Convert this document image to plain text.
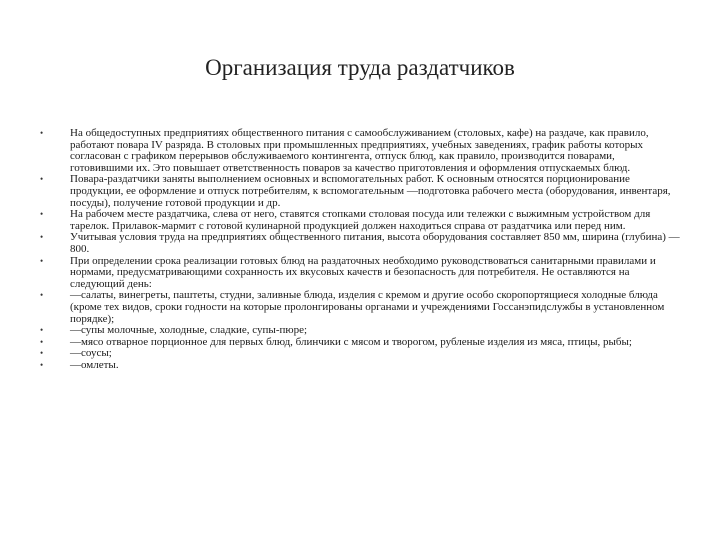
Организация труда раздатчиков
•	На общедоступных предприятиях общественного питания с самообслуживанием (столовых, кафе) на раздаче, как правило, работают повара IV разряда. В столовых при промышленных предприятиях, учебных заведениях, график работы которых согласован с графиком перерывов обслуживаемого контингента, отпуск блюд, как правило, производится поварами, готовившими их. Это повышает ответственность поваров за качество приготовления и оформления отпускаемых блюд.
•	Повара-раздатчики заняты выполнением основных и вспомогательных работ. К основным относятся порционирование продукции, ее оформление и отпуск потребителям, к вспомогательным —подготовка рабочего места (оборудования, инвентаря, посуды), получение готовой продукции и др.
•	На рабочем месте раздатчика, слева от него, ставятся стопками столовая посуда или тележки с выжимным устройством для тарелок. Прилавок-мармит с готовой кулинарной продукцией должен находиться справа от раздатчика или перед ним.
•	Учитывая условия труда на предприятиях общественного питания, высота оборудования составляет 850 мм, ширина (глубина) —800.
•	При определении срока реализации готовых блюд на раздаточных необходимо руководствоваться санитарными правилами и нормами, предусматривающими сохранность их вкусовых качеств и безопасность для потребителя. Не оставляются на следующий день:
•	—салаты, винегреты, паштеты, студни, заливные блюда, изделия с кремом и другие особо скоропортящиеся холодные блюда (кроме тех видов, сроки годности на которые пролонгированы органами и учреждениями Госсанэпидслужбы в установленном порядке);
•	—супы молочные, холодные, сладкие, супы-пюре;
•	—мясо отварное порционное для первых блюд, блинчики с мясом и творогом, рубленые изделия из мяса, птицы, рыбы;
•	—соусы;
•	—омлеты.
